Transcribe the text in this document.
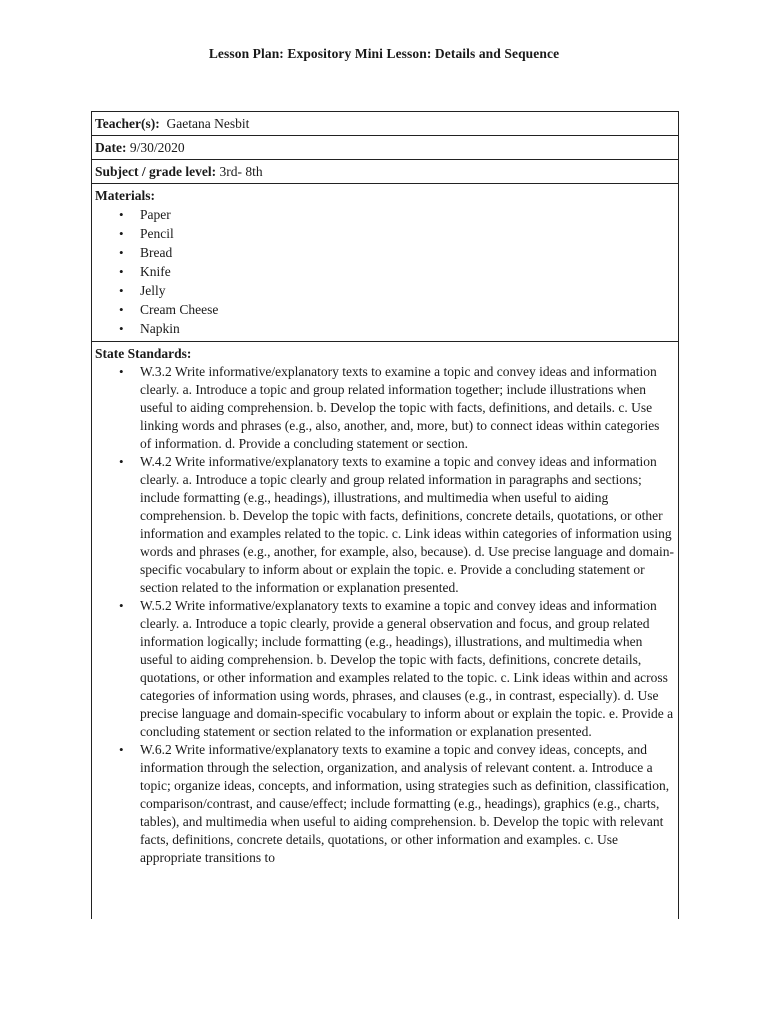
Lesson Plan: Expository Mini Lesson: Details and Sequence
Teacher(s): Gaetana Nesbit
Date: 9/30/2020
Subject / grade level: 3rd- 8th
Materials:
• Paper
• Pencil
• Bread
• Knife
• Jelly
• Cream Cheese
• Napkin
State Standards:
• W.3.2 Write informative/explanatory texts to examine a topic and convey ideas and information clearly. a. Introduce a topic and group related information together; include illustrations when useful to aiding comprehension. b. Develop the topic with facts, definitions, and details. c. Use linking words and phrases (e.g., also, another, and, more, but) to connect ideas within categories of information. d. Provide a concluding statement or section.
• W.4.2 Write informative/explanatory texts to examine a topic and convey ideas and information clearly. a. Introduce a topic clearly and group related information in paragraphs and sections; include formatting (e.g., headings), illustrations, and multimedia when useful to aiding comprehension. b. Develop the topic with facts, definitions, concrete details, quotations, or other information and examples related to the topic. c. Link ideas within categories of information using words and phrases (e.g., another, for example, also, because). d. Use precise language and domain-specific vocabulary to inform about or explain the topic. e. Provide a concluding statement or section related to the information or explanation presented.
• W.5.2 Write informative/explanatory texts to examine a topic and convey ideas and information clearly. a. Introduce a topic clearly, provide a general observation and focus, and group related information logically; include formatting (e.g., headings), illustrations, and multimedia when useful to aiding comprehension. b. Develop the topic with facts, definitions, concrete details, quotations, or other information and examples related to the topic. c. Link ideas within and across categories of information using words, phrases, and clauses (e.g., in contrast, especially). d. Use precise language and domain-specific vocabulary to inform about or explain the topic. e. Provide a concluding statement or section related to the information or explanation presented.
• W.6.2 Write informative/explanatory texts to examine a topic and convey ideas, concepts, and information through the selection, organization, and analysis of relevant content. a. Introduce a topic; organize ideas, concepts, and information, using strategies such as definition, classification, comparison/contrast, and cause/effect; include formatting (e.g., headings), graphics (e.g., charts, tables), and multimedia when useful to aiding comprehension. b. Develop the topic with relevant facts, definitions, concrete details, quotations, or other information and examples. c. Use appropriate transitions to
